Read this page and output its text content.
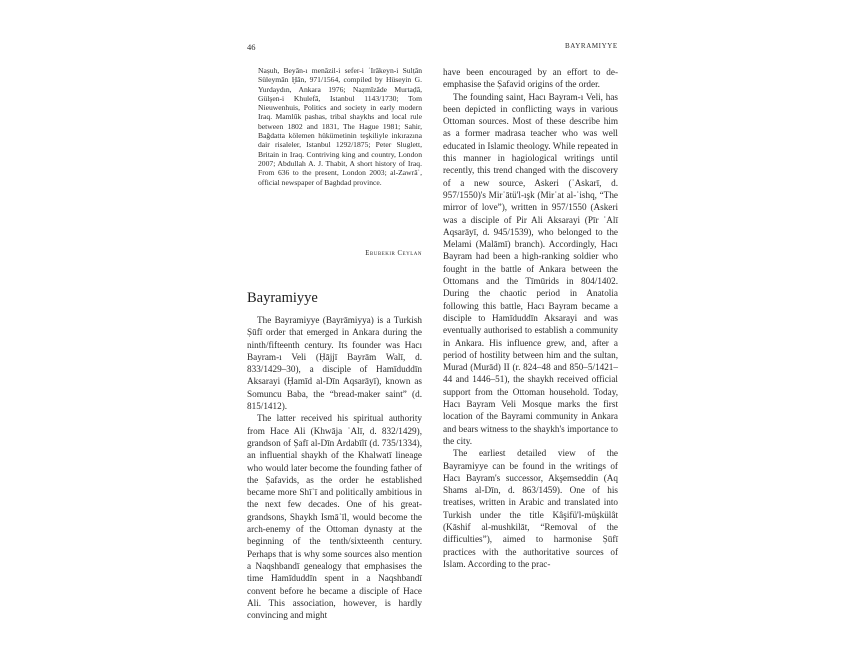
46	BAYRAMIYYE
Naṣuh, Beyān-ı menāzil-i sefer-i ʿIrākeyn-i Sulṭān Süleymān Ḫān, 971/1564, compiled by Hüseyin G. Yurdaydın, Ankara 1976; Naẓmīzāde Murtaḍā, Gülşen-i Khulefā, Istanbul 1143/1730; Tom Nieuwenhuis, Politics and society in early modern Iraq. Mamlūk pashas, tribal shaykhs and local rule between 1802 and 1831, The Hague 1981; Sahir, Bağdatta kölemen hükümetinin teşkiliyle inkırazına dair risaleler, Istanbul 1292/1875; Peter Sluglett, Britain in Iraq. Contriving king and country, London 2007; Abdullah A. J. Thabit, A short history of Iraq. From 636 to the present, London 2003; al-Zawrāʾ, official newspaper of Baghdad province.
Ebubekir Ceylan
Bayramiyye

The Bayramiyye (Bayrāmiyya) is a Turkish Ṣūfī order that emerged in Ankara during the ninth/fifteenth century. Its founder was Hacı Bayram-ı Veli (Ḥājjī Bayrām Walī, d. 833/1429–30), a disciple of Hamīduddīn Aksarayi (Ḥamīd al-Dīn Aqsarāyī), known as Somuncu Baba, the “bread-maker saint” (d. 815/1412).

The latter received his spiritual authority from Hace Ali (Khwāja ʿAlī, d. 832/1429), grandson of Ṣafī al-Dīn Ardabīlī (d. 735/1334), an influential shaykh of the Khalwatī lineage who would later become the founding father of the Ṣafavids, as the order he established became more Shīʿī and politically ambitious in the next few decades. One of his great-grandsons, Shaykh Ismāʿīl, would become the arch-enemy of the Ottoman dynasty at the beginning of the tenth/sixteenth century. Perhaps that is why some sources also mention a Naqshbandī genealogy that emphasises the time Hamīduddīn spent in a Naqshbandī convent before he became a disciple of Hace Ali. This association, however, is hardly convincing and might

have been encouraged by an effort to de-emphasise the Ṣafavid origins of the order.

The founding saint, Hacı Bayram-ı Veli, has been depicted in conflicting ways in various Ottoman sources. Most of these describe him as a former madrasa teacher who was well educated in Islamic theology. While repeated in this manner in hagiological writings until recently, this trend changed with the discovery of a new source, Askeri (ʿAskarī, d. 957/1550)'s Mirʾātü'l-ışk (Mirʾat al-ʿishq, “The mirror of love”), written in 957/1550 (Askeri was a disciple of Pir Ali Aksarayi (Pīr ʿAlī Aqsarāyī, d. 945/1539), who belonged to the Melami (Malāmī) branch). Accordingly, Hacı Bayram had been a high-ranking soldier who fought in the battle of Ankara between the Ottomans and the Tīmūrids in 804/1402. During the chaotic period in Anatolia following this battle, Hacı Bayram became a disciple to Hamīduddīn Aksarayi and was eventually authorised to establish a community in Ankara. His influence grew, and, after a period of hostility between him and the sultan, Murad (Murād) II (r. 824–48 and 850–5/1421–44 and 1446–51), the shaykh received official support from the Ottoman household. Today, Hacı Bayram Veli Mosque marks the first location of the Bayrami community in Ankara and bears witness to the shaykh's importance to the city.

The earliest detailed view of the Bayramiyye can be found in the writings of Hacı Bayram's successor, Akşemseddin (Aq Shams al-Dīn, d. 863/1459). One of his treatises, written in Arabic and translated into Turkish under the title Kâşifü'l-müşkülât (Kāshif al-mushkilāt, “Removal of the difficulties”), aimed to harmonise Ṣūfī practices with the authoritative sources of Islam. According to the prac-
